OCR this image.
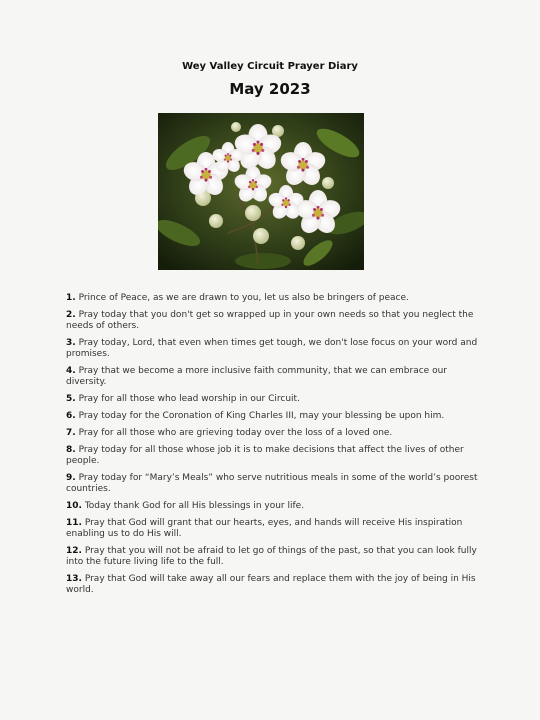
Wey Valley Circuit Prayer Diary
May 2023
1. Prince of Peace, as we are drawn to you, let us also be bringers of peace.
2. Pray today that you don't get so wrapped up in your own needs so that you neglect the needs of others.
3. Pray today, Lord, that even when times get tough, we don't lose focus on your word and promises.
4. Pray that we become a more inclusive faith community, that we can embrace our diversity.
5. Pray for all those who lead worship in our Circuit.
6. Pray today for the Coronation of King Charles III, may your blessing be upon him.
7. Pray for all those who are grieving today over the loss of a loved one.
8. Pray today for all those whose job it is to make decisions that affect the lives of other people.
9. Pray today for “Mary’s Meals” who serve nutritious meals in some of the world’s poorest countries.
10. Today thank God for all His blessings in your life.
11. Pray that God will grant that our hearts, eyes, and hands will receive His inspiration enabling us to do His will.
12. Pray that you will not be afraid to let go of things of the past, so that you can look fully into the future living life to the full.
13. Pray that God will take away all our fears and replace them with the joy of being in His world.
